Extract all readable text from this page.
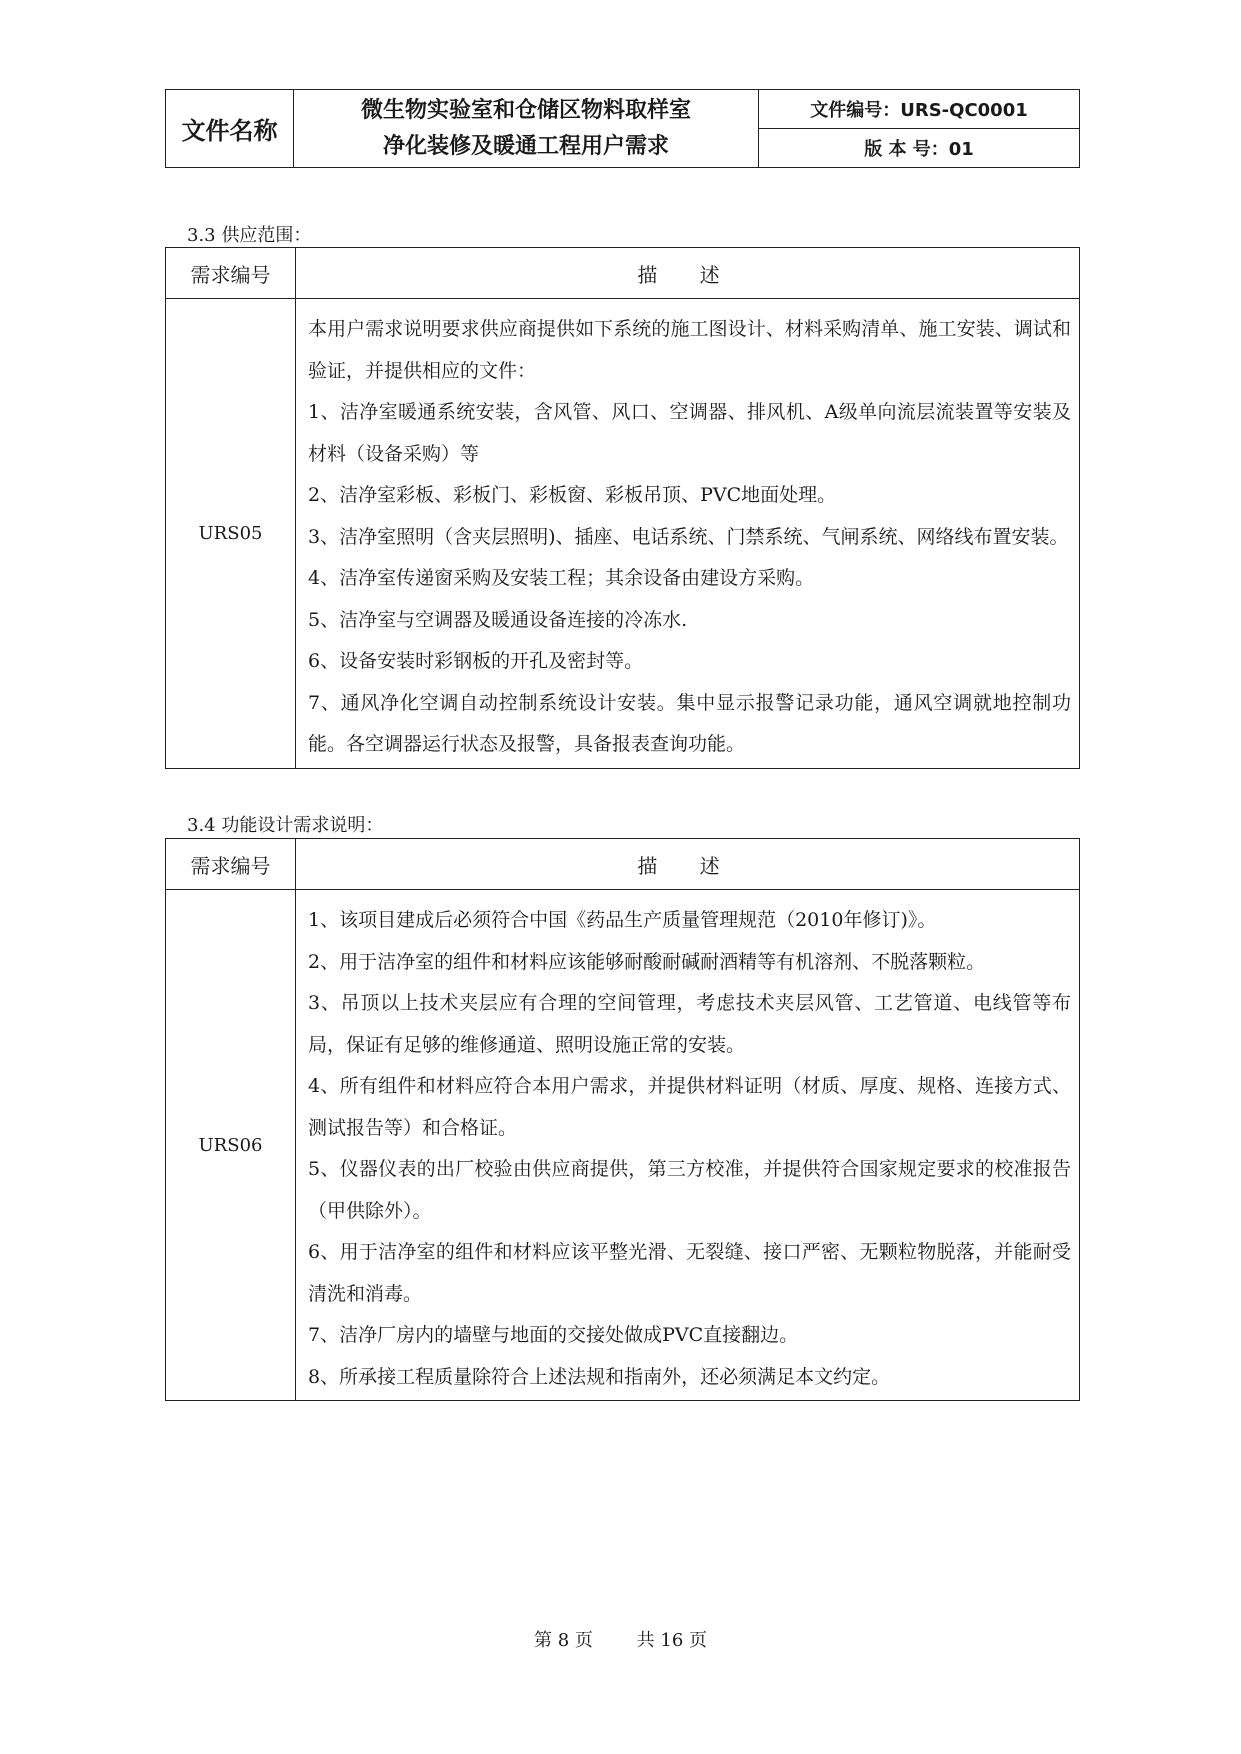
文件名称
微生物实验室和仓储区物料取样室
净化装修及暖通工程用户需求
文件编号：URS-QC0001
版 本 号：01
3.3 供应范围：
需求编号	描 述
URS05

本用户需求说明要求供应商提供如下系统的施工图设计、材料采购清单、施工安装、调试和验证，并提供相应的文件：

1、洁净室暖通系统安装，含风管、风口、空调器、排风机、A级单向流层流装置等安装及材料（设备采购）等

2、洁净室彩板、彩板门、彩板窗、彩板吊顶、PVC地面处理。

3、洁净室照明（含夹层照明)、插座、电话系统、门禁系统、气闸系统、网络线布置安装。

4、洁净室传递窗采购及安装工程；其余设备由建设方采购。

5、洁净室与空调器及暖通设备连接的冷冻水.

6、设备安装时彩钢板的开孔及密封等。

7、通风净化空调自动控制系统设计安装。集中显示报警记录功能，通风空调就地控制功能。各空调器运行状态及报警，具备报表查询功能。

3.4 功能设计需求说明：
需求编号	描 述
URS06

1、该项目建成后必须符合中国《药品生产质量管理规范（2010年修订)》。

2、用于洁净室的组件和材料应该能够耐酸耐碱耐酒精等有机溶剂、不脱落颗粒。

3、吊顶以上技术夹层应有合理的空间管理，考虑技术夹层风管、工艺管道、电线管等布局，保证有足够的维修通道、照明设施正常的安装。

4、所有组件和材料应符合本用户需求，并提供材料证明（材质、厚度、规格、连接方式、测试报告等）和合格证。

5、仪器仪表的出厂校验由供应商提供，第三方校准，并提供符合国家规定要求的校准报告（甲供除外）。

6、用于洁净室的组件和材料应该平整光滑、无裂缝、接口严密、无颗粒物脱落，并能耐受清洗和消毒。

7、洁净厂房内的墙壁与地面的交接处做成PVC直接翻边。

8、所承接工程质量除符合上述法规和指南外，还必须满足本文约定。

第 8 页 共 16 页
